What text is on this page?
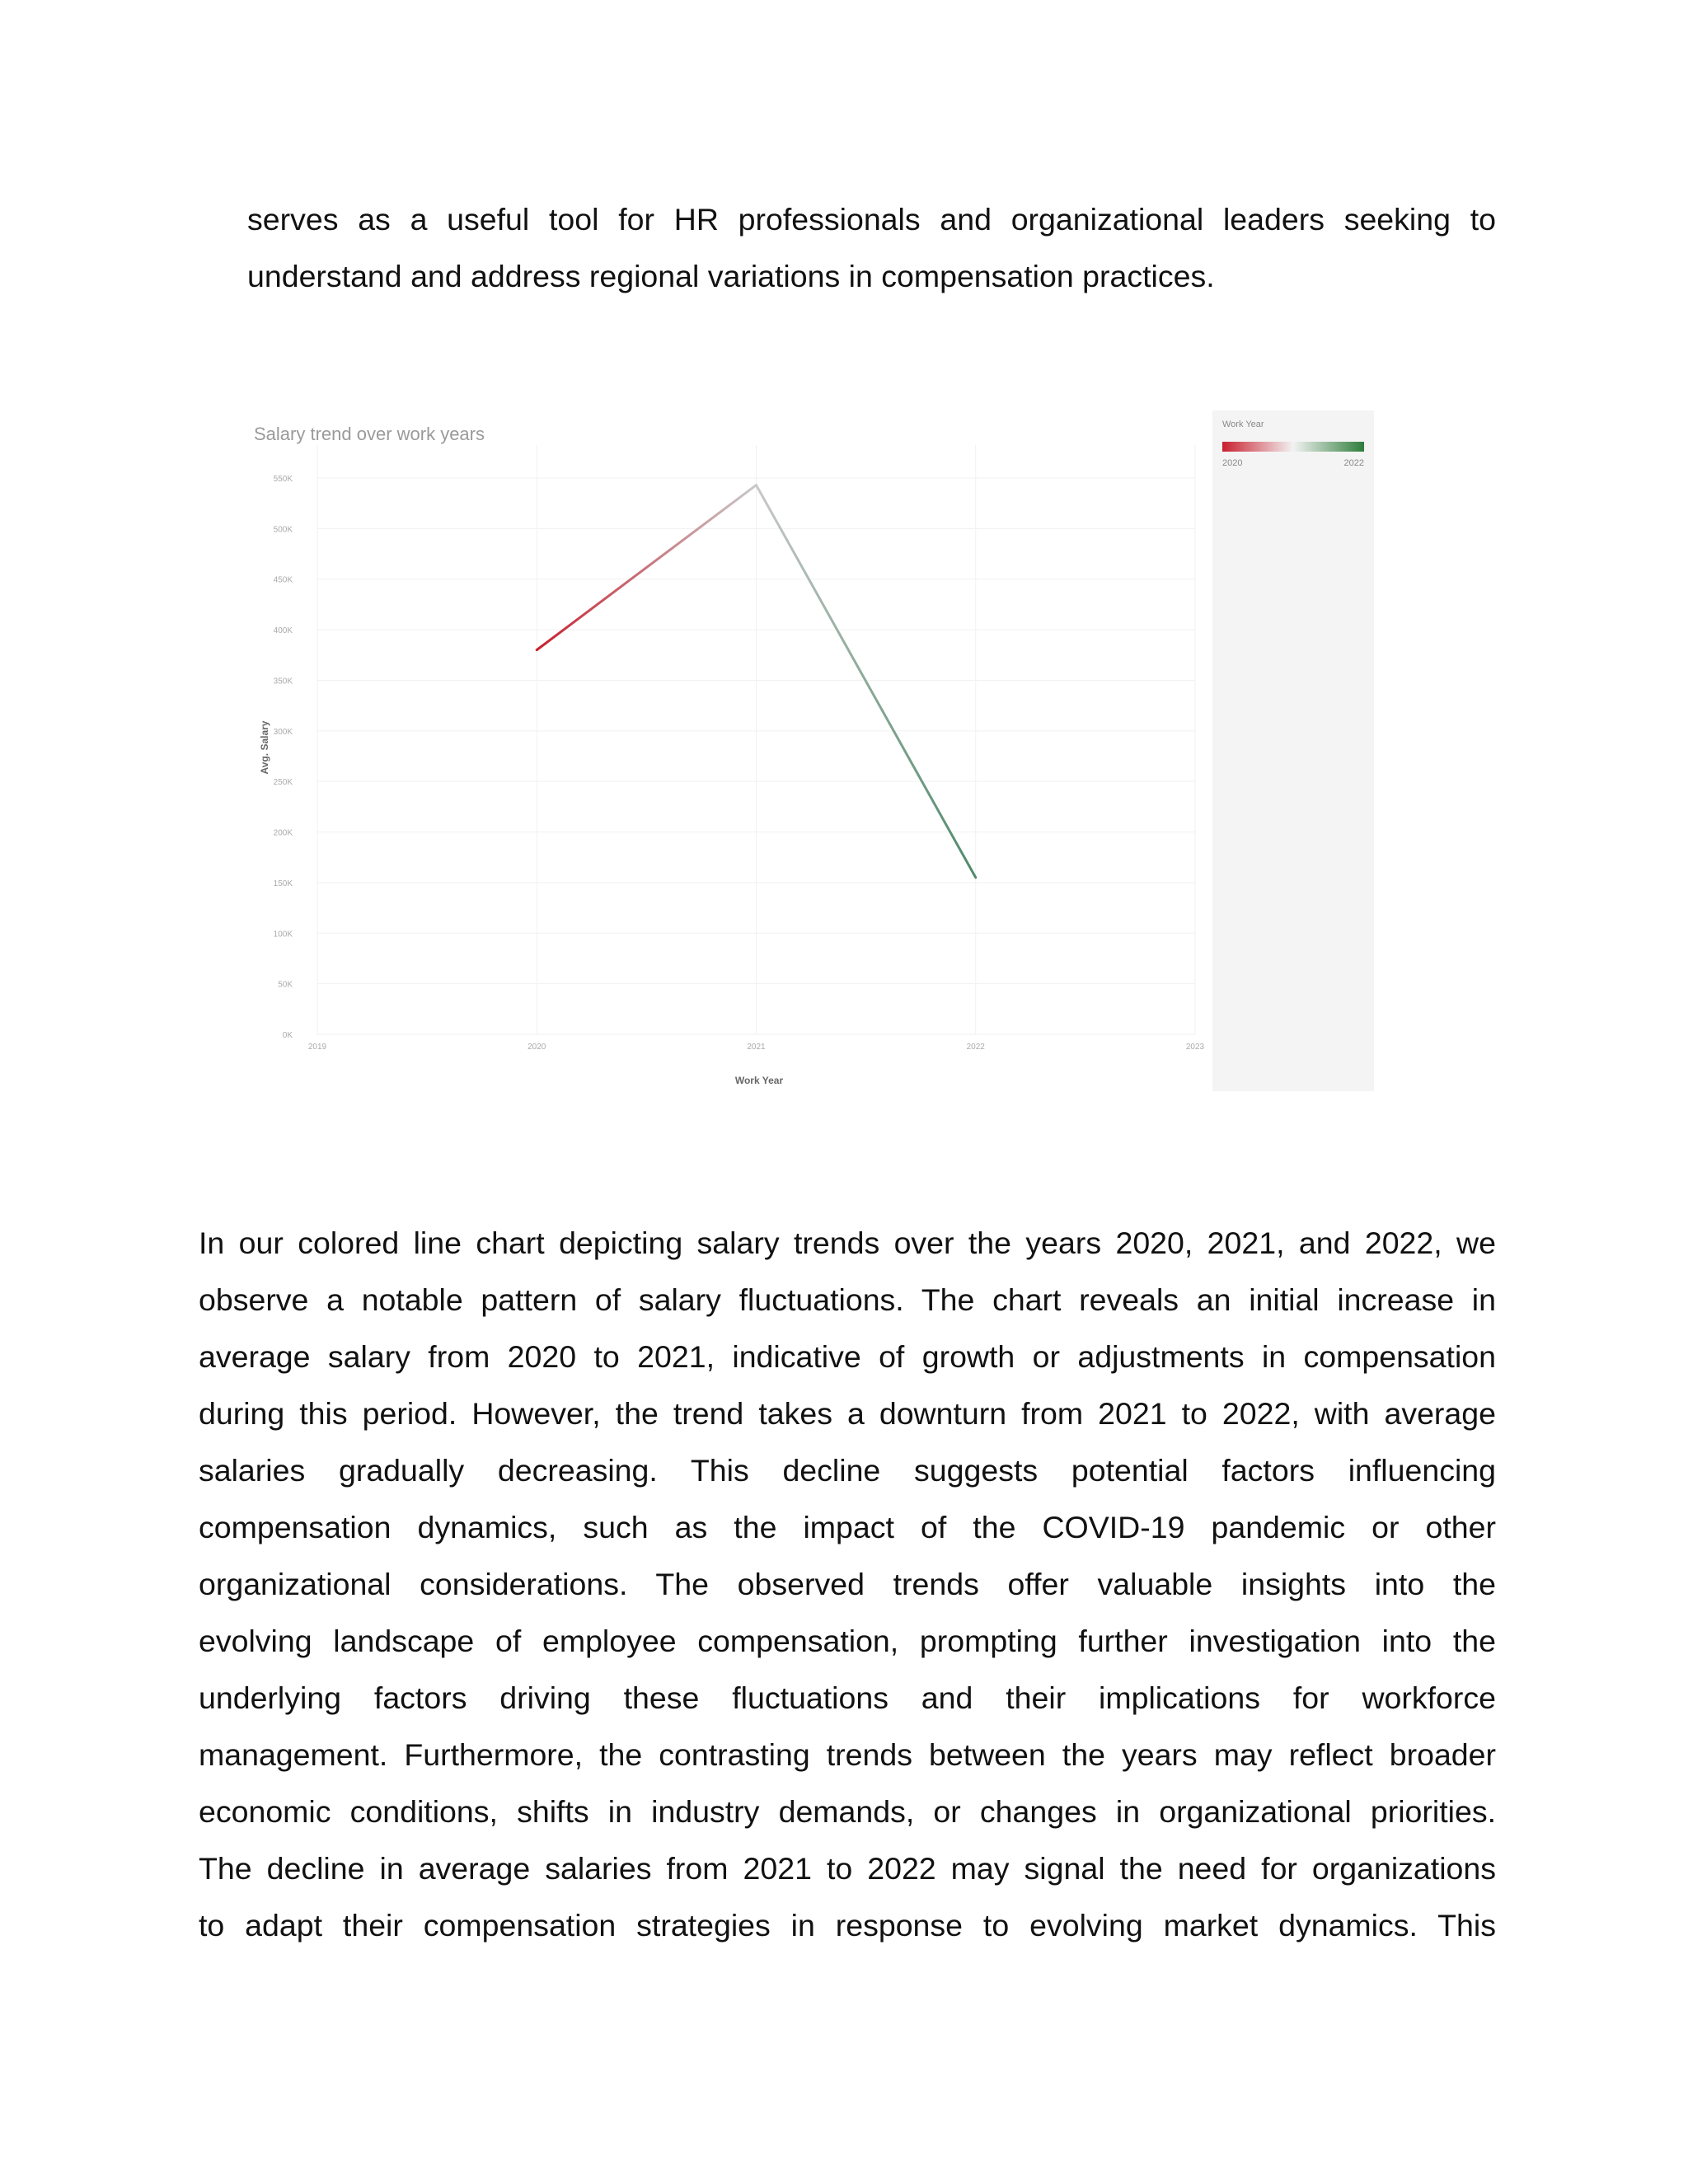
serves as a useful tool for HR professionals and organizational leaders seeking to
understand and address regional variations in compensation practices.
Salary trend over work years
0K
50K
100K
150K
200K
250K
300K
350K
400K
450K
500K
550K
2019	2020	2021	2022	2023
Work Year
Avg. Salary
Work Year
2020	2022
In our colored line chart depicting salary trends over the years 2020, 2021, and 2022, we
observe a notable pattern of salary fluctuations. The chart reveals an initial increase in
average salary from 2020 to 2021, indicative of growth or adjustments in compensation
during this period. However, the trend takes a downturn from 2021 to 2022, with average
salaries gradually decreasing. This decline suggests potential factors influencing
compensation dynamics, such as the impact of the COVID-19 pandemic or other
organizational considerations. The observed trends offer valuable insights into the
evolving landscape of employee compensation, prompting further investigation into the
underlying factors driving these fluctuations and their implications for workforce
management. Furthermore, the contrasting trends between the years may reflect broader
economic conditions, shifts in industry demands, or changes in organizational priorities.
The decline in average salaries from 2021 to 2022 may signal the need for organizations
to adapt their compensation strategies in response to evolving market dynamics. This
